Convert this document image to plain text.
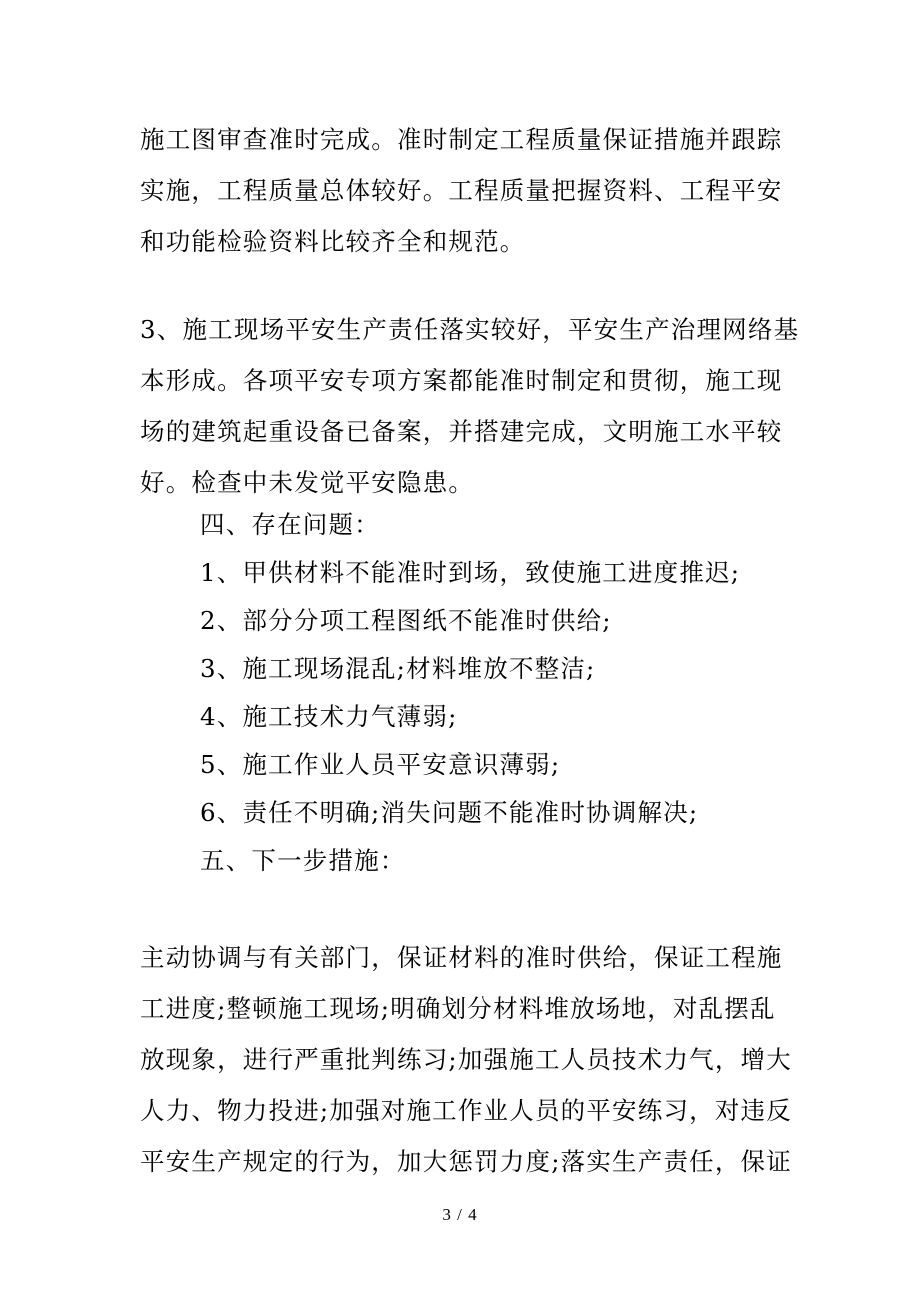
施工图审查准时完成。准时制定工程质量保证措施并跟踪
实施，工程质量总体较好。工程质量把握资料、工程平安
和功能检验资料比较齐全和规范。
3、施工现场平安生产责任落实较好，平安生产治理网络基
本形成。各项平安专项方案都能准时制定和贯彻，施工现
场的建筑起重设备已备案，并搭建完成，文明施工水平较
好。检查中未发觉平安隐患。
四、存在问题：
1、甲供材料不能准时到场，致使施工进度推迟;
2、部分分项工程图纸不能准时供给;
3、施工现场混乱;材料堆放不整洁;
4、施工技术力气薄弱;
5、施工作业人员平安意识薄弱;
6、责任不明确;消失问题不能准时协调解决;
五、下一步措施：
主动协调与有关部门，保证材料的准时供给，保证工程施
工进度;整顿施工现场;明确划分材料堆放场地，对乱摆乱
放现象，进行严重批判练习;加强施工人员技术力气，增大
人力、物力投进;加强对施工作业人员的平安练习，对违反
平安生产规定的行为，加大惩罚力度;落实生产责任，保证
3 / 4
